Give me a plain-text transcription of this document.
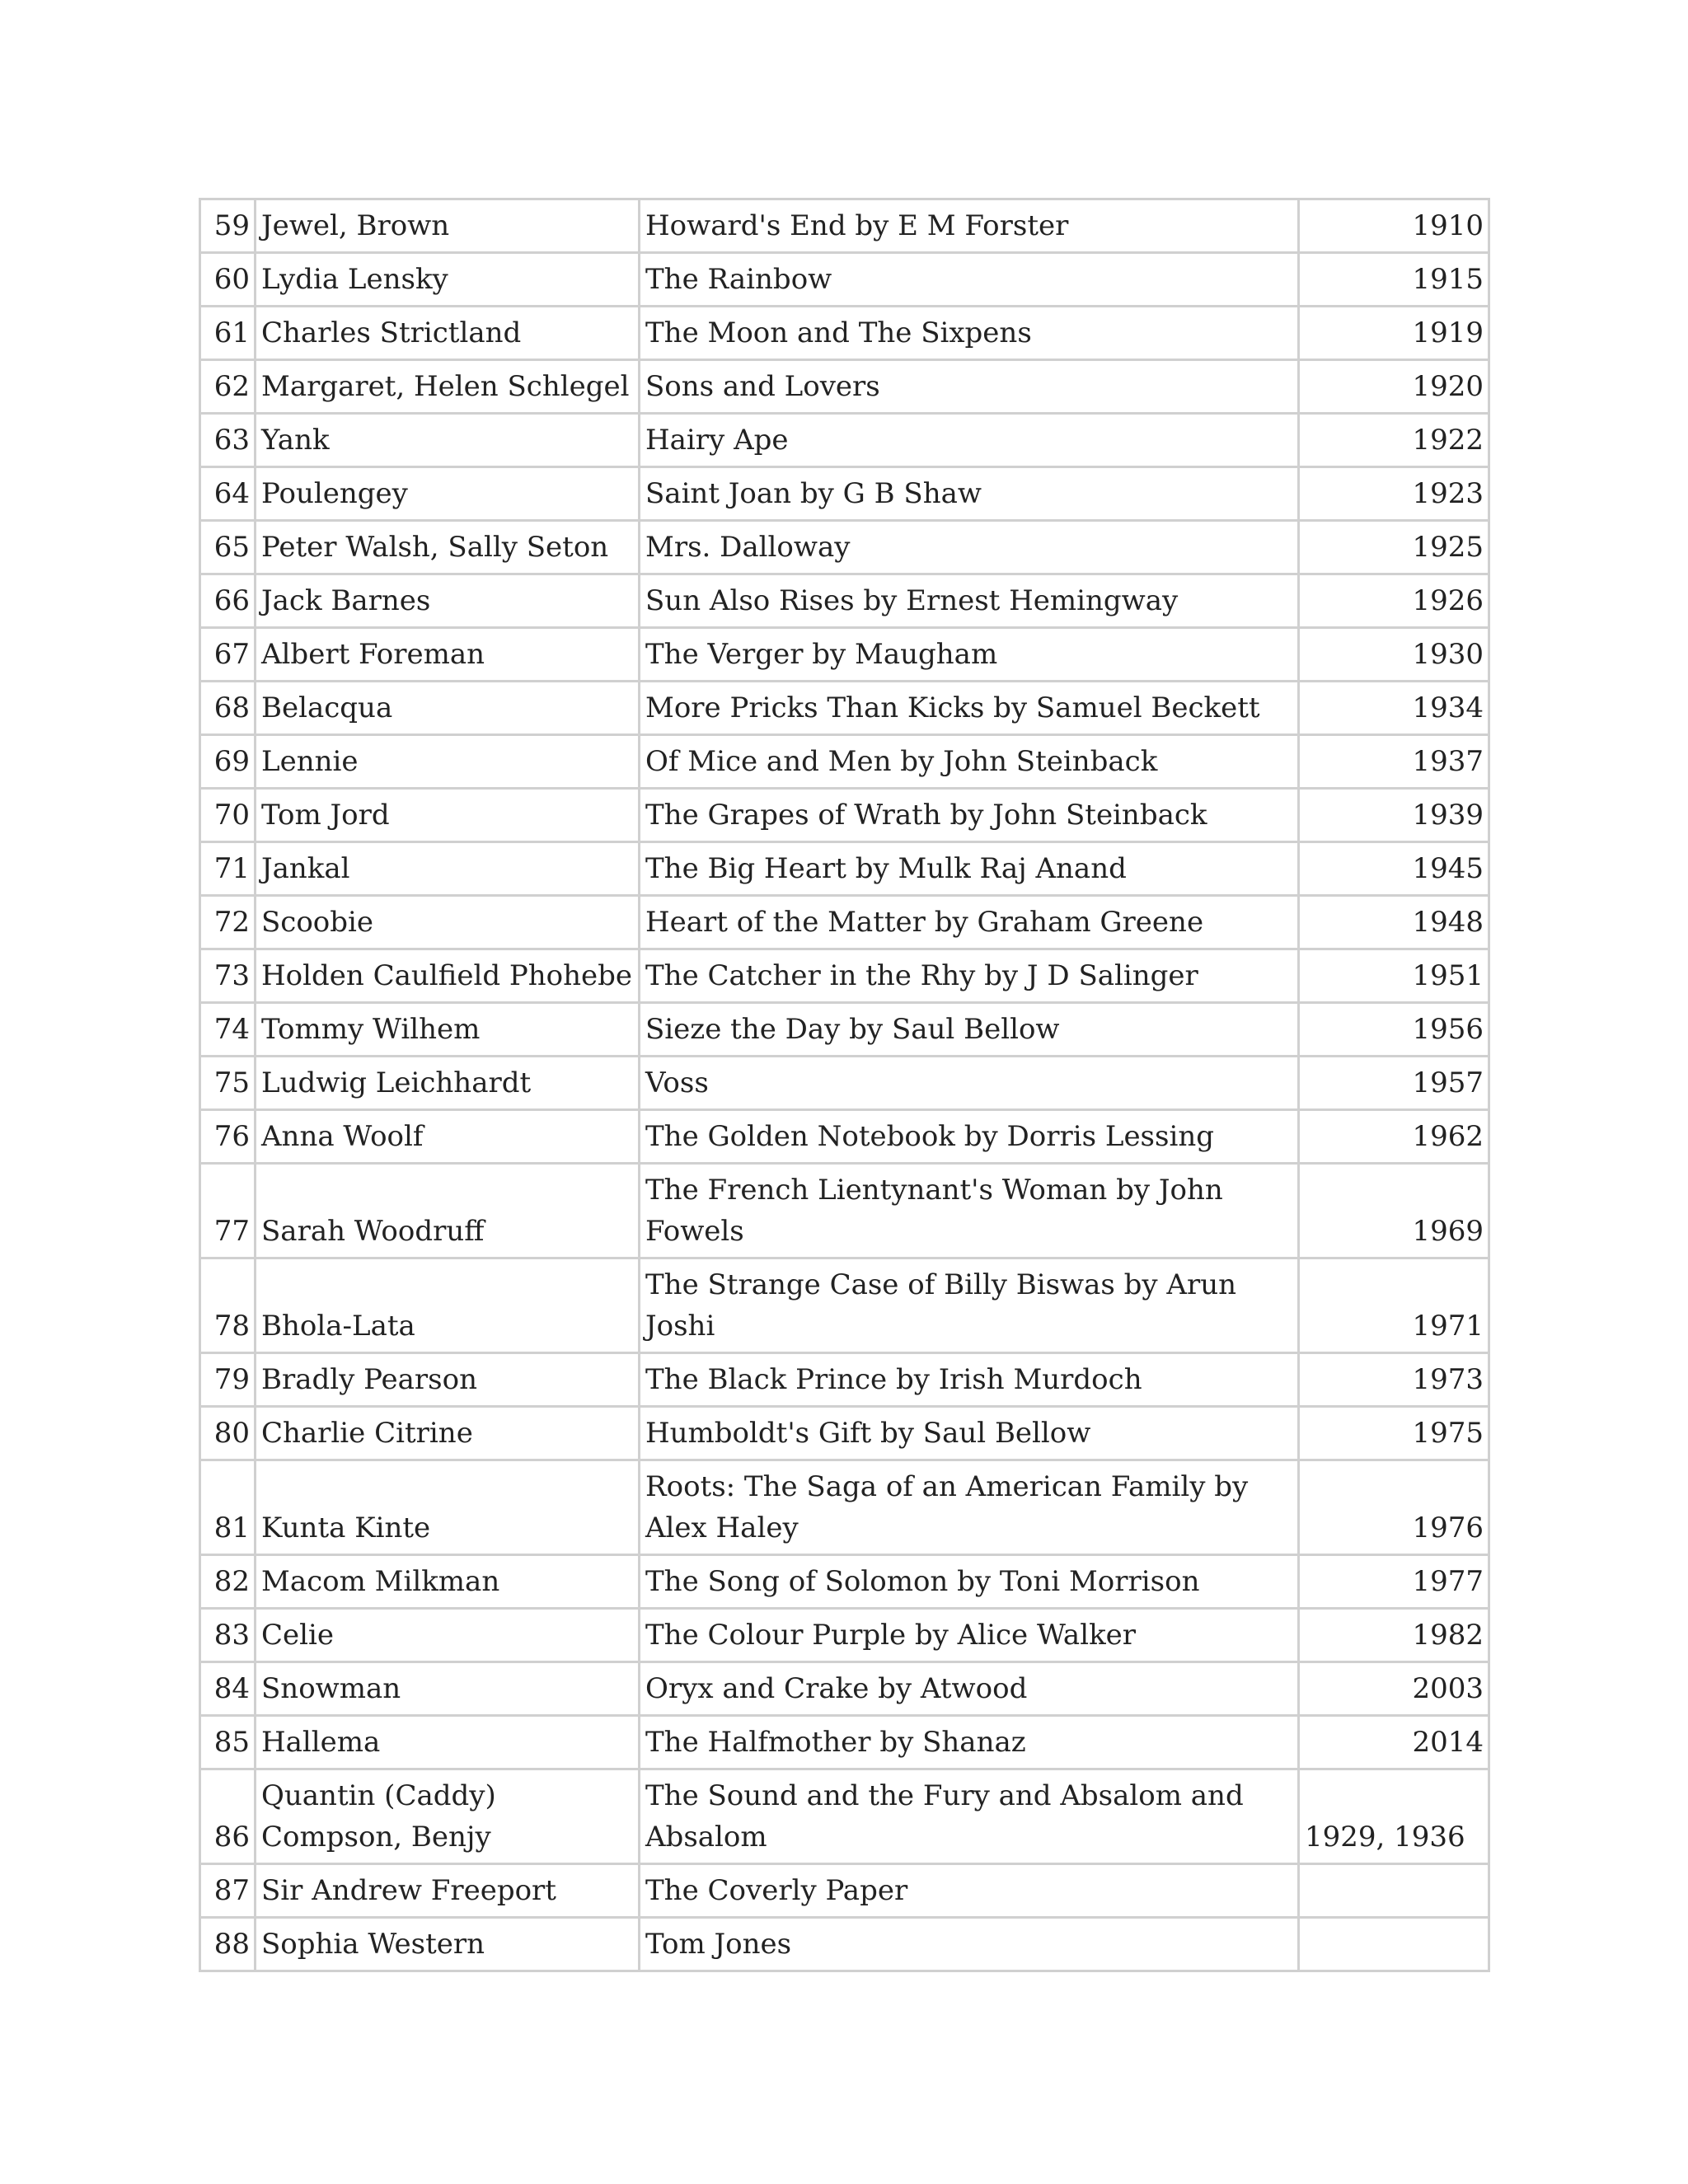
59	Jewel, Brown	Howard's End by E M Forster	1910
60	Lydia Lensky	The Rainbow	1915
61	Charles Strictland	The Moon and The Sixpens	1919
62	Margaret, Helen Schlegel	Sons and Lovers	1920
63	Yank	Hairy Ape	1922
64	Poulengey	Saint Joan by G B Shaw	1923
65	Peter Walsh, Sally Seton	Mrs. Dalloway	1925
66	Jack Barnes	Sun Also Rises by Ernest Hemingway	1926
67	Albert Foreman	The Verger by Maugham	1930
68	Belacqua	More Pricks Than Kicks by Samuel Beckett	1934
69	Lennie	Of Mice and Men by John Steinback	1937
70	Tom Jord	The Grapes of Wrath by John Steinback	1939
71	Jankal	The Big Heart by Mulk Raj Anand	1945
72	Scoobie	Heart of the Matter by Graham Greene	1948
73	Holden Caulfield Phohebe	The Catcher in the Rhy by J D Salinger	1951
74	Tommy Wilhem	Sieze the Day by Saul Bellow	1956
75	Ludwig Leichhardt	Voss	1957
76	Anna Woolf	The Golden Notebook by Dorris Lessing	1962
77	Sarah Woodruff	The French Lientynant's Woman by John Fowels	1969
78	Bhola-Lata	The Strange Case of Billy Biswas by Arun Joshi	1971
79	Bradly Pearson	The Black Prince by Irish Murdoch	1973
80	Charlie Citrine	Humboldt's Gift by Saul Bellow	1975
81	Kunta Kinte	Roots: The Saga of an American Family by Alex Haley	1976
82	Macom Milkman	The Song of Solomon by Toni Morrison	1977
83	Celie	The Colour Purple by Alice Walker	1982
84	Snowman	Oryx and Crake by Atwood	2003
85	Hallema	The Halfmother by Shanaz	2014
86	Quantin (Caddy) Compson, Benjy	The Sound and the Fury and Absalom and Absalom	1929, 1936
87	Sir Andrew Freeport	The Coverly Paper	
88	Sophia Western	Tom Jones	
